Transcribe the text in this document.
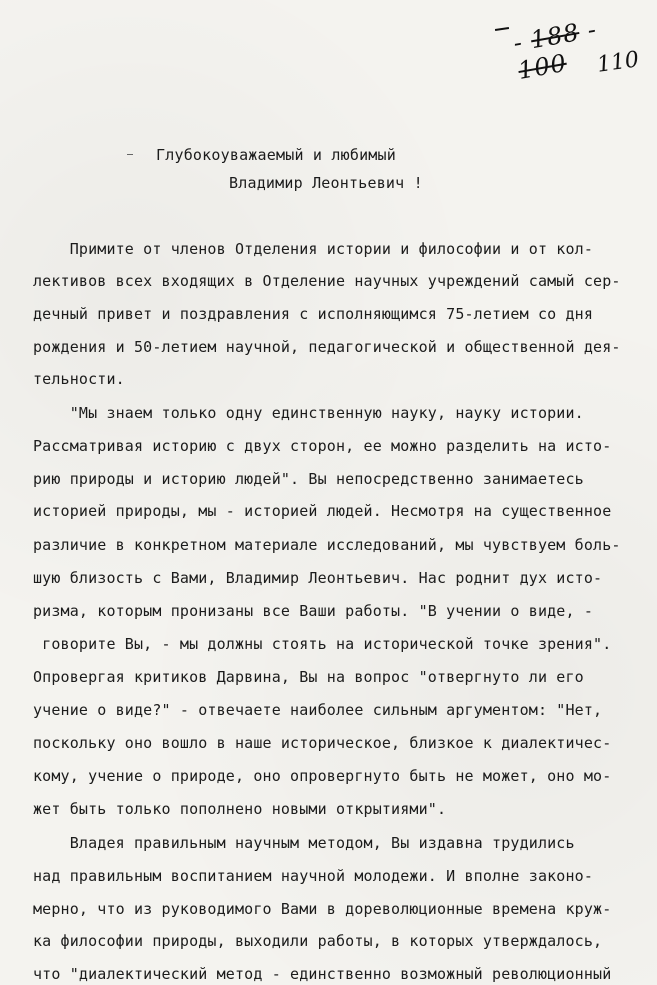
- 188 - 100	110
Глубокоуважаемый и любимый
Владимир Леонтьевич !
Примите от членов Отделения истории и философии и от кол-
лективов всех входящих в Отделение научных учреждений самый сер-
дечный привет и поздравления с исполняющимся 75-летием со дня
рождения и 50-летием научной, педагогической и общественной дея-
тельности.
"Мы знаем только одну единственную науку, науку истории.
Рассматривая историю с двух сторон, ее можно разделить на исто-
рию природы и историю людей". Вы непосредственно занимаетесь
историей природы, мы - историей людей. Несмотря на существенное
различие в конкретном материале исследований, мы чувствуем боль-
шую близость с Вами, Владимир Леонтьевич. Нас роднит дух исто-
ризма, которым пронизаны все Ваши работы. "В учении о виде, -
говорите Вы, - мы должны стоять на исторической точке зрения".
Опровергая критиков Дарвина, Вы на вопрос "отвергнуто ли его
учение о виде?" - отвечаете наиболее сильным аргументом: "Нет,
поскольку оно вошло в наше историческое, близкое к диалектичес-
кому, учение о природе, оно опровергнуто быть не может, оно мо-
жет быть только пополнено новыми открытиями".
Владея правильным научным методом, Вы издавна трудились
над правильным воспитанием научной молодежи. И вполне законо-
мерно, что из руководимого Вами в дореволюционные времена круж-
ка философии природы, выходили работы, в которых утверждалось,
что "диалектический метод - единственно возможный революционный
